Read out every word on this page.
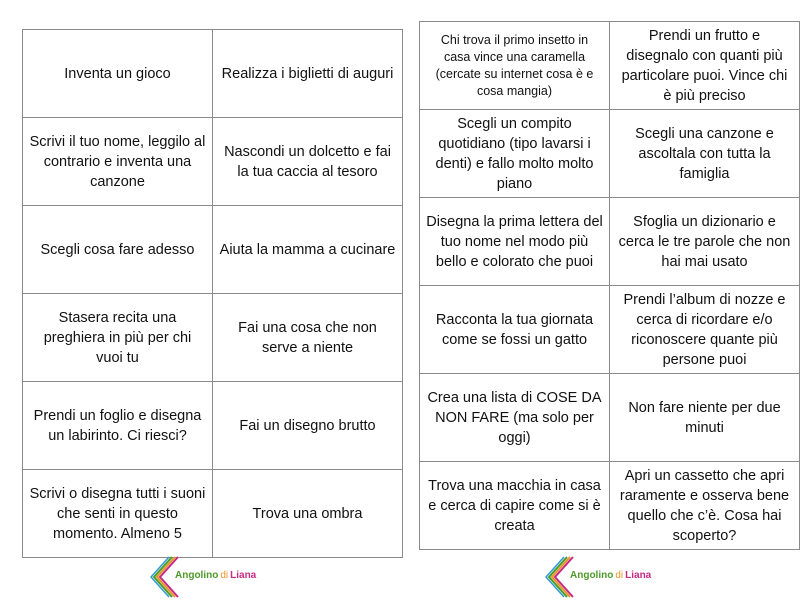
Inventa un gioco	Realizza i biglietti di auguri
Scrivi il tuo nome, leggilo al contrario e inventa una canzone	Nascondi un dolcetto e fai la tua caccia al tesoro
Scegli cosa fare adesso	Aiuta la mamma a cucinare
Stasera recita una preghiera in più per chi vuoi tu	Fai una cosa che non serve a niente
Prendi un foglio e disegna un labirinto. Ci riesci?	Fai un disegno brutto
Scrivi o disegna tutti i suoni che senti in questo momento. Almeno 5	Trova una ombra
Chi trova il primo insetto in casa vince una caramella (cercate su internet cosa è e cosa mangia)	Prendi un frutto e disegnalo con quanti più particolare puoi. Vince chi è più preciso
Scegli un compito quotidiano (tipo lavarsi i denti) e fallo molto molto piano	Scegli una canzone e ascoltala con tutta la famiglia
Disegna la prima lettera del tuo nome nel modo più bello e colorato che puoi	Sfoglia un dizionario e cerca le tre parole che non hai mai usato
Racconta la tua giornata come se fossi un gatto	Prendi l’album di nozze e cerca di ricordare e/o riconoscere quante più persone puoi
Crea una lista di COSE DA NON FARE (ma solo per oggi)	Non fare niente per due minuti
Trova una macchia in casa e cerca di capire come si è creata	Apri un cassetto che apri raramente e osserva bene quello che c’è. Cosa hai scoperto?
Angolino di Liana	Angolino di Liana
